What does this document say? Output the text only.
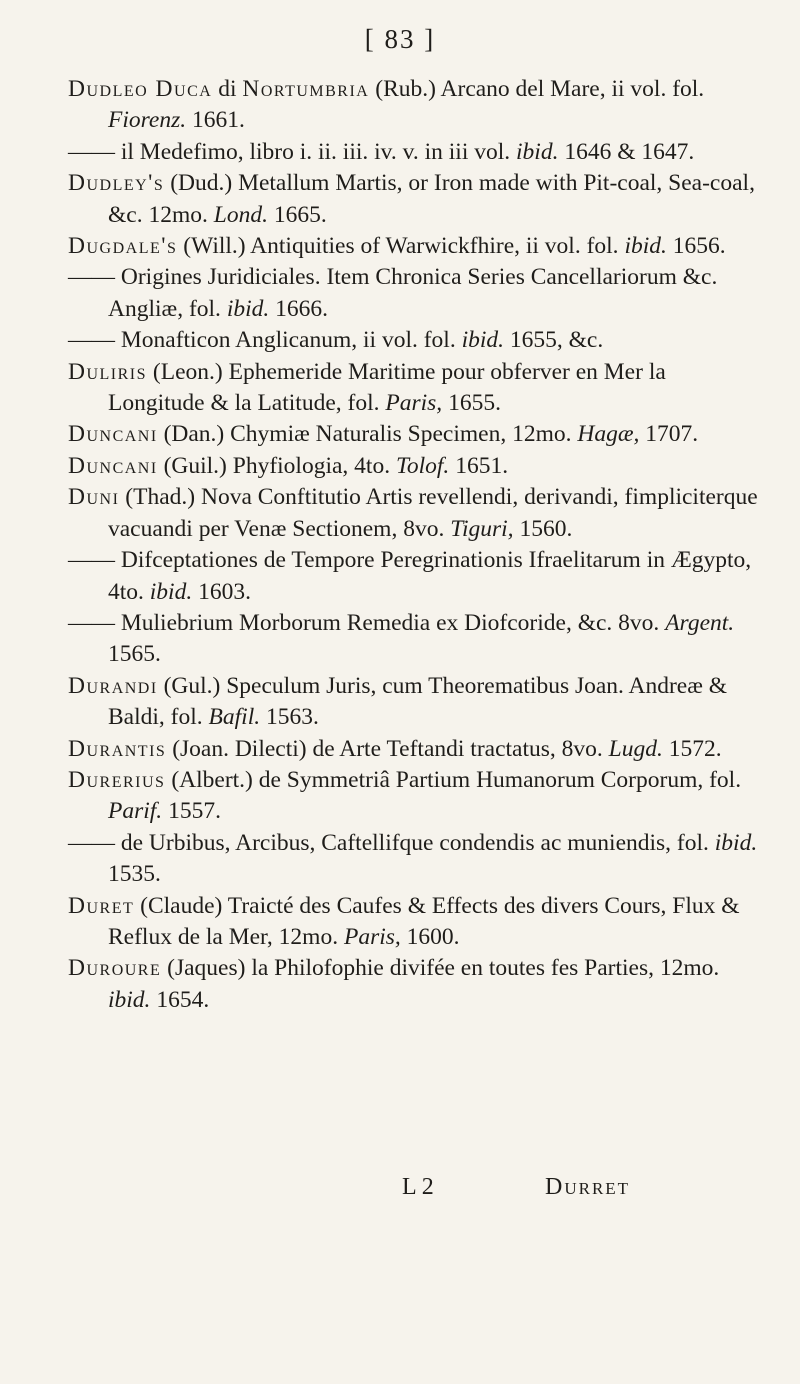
[ 83 ]

Dudleo Duca di Nortumbria (Rub.) Arcano del Mare, ii vol. fol. Fiorenz. 1661.

—— il Medefimo, libro i. ii. iii. iv. v. in iii vol. ibid. 1646 & 1647.

Dudley's (Dud.) Metallum Martis, or Iron made with Pit-coal, Sea-coal, &c. 12mo. Lond. 1665.

Dugdale's (Will.) Antiquities of Warwickfhire, ii vol. fol. ibid. 1656.

—— Origines Juridiciales. Item Chronica Series Cancellariorum &c. Angliæ, fol. ibid. 1666.

—— Monafticon Anglicanum, ii vol. fol. ibid. 1655, &c.

Duliris (Leon.) Ephemeride Maritime pour obferver en Mer la Longitude & la Latitude, fol. Paris, 1655.

Duncani (Dan.) Chymiæ Naturalis Specimen, 12mo. Hagæ, 1707.

Duncani (Guil.) Phyfiologia, 4to. Tolof. 1651.

Duni (Thad.) Nova Conftitutio Artis revellendi, derivandi, fimpliciterque vacuandi per Venæ Sectionem, 8vo. Tiguri, 1560.

—— Difceptationes de Tempore Peregrinationis Ifraelitarum in Ægypto, 4to. ibid. 1603.

—— Muliebrium Morborum Remedia ex Diofcoride, &c. 8vo. Argent. 1565.

Durandi (Gul.) Speculum Juris, cum Theorematibus Joan. Andreæ & Baldi, fol. Bafil. 1563.

Durantis (Joan. Dilecti) de Arte Teftandi tractatus, 8vo. Lugd. 1572.

Durerius (Albert.) de Symmetriâ Partium Humanorum Corporum, fol. Parif. 1557.

—— de Urbibus, Arcibus, Caftellifque condendis ac muniendis, fol. ibid. 1535.

Duret (Claude) Traicté des Caufes & Effects des divers Cours, Flux & Reflux de la Mer, 12mo. Paris, 1600.

Duroure (Jaques) la Philofophie divifée en toutes fes Parties, 12mo. ibid. 1654.

L 2	Durret
